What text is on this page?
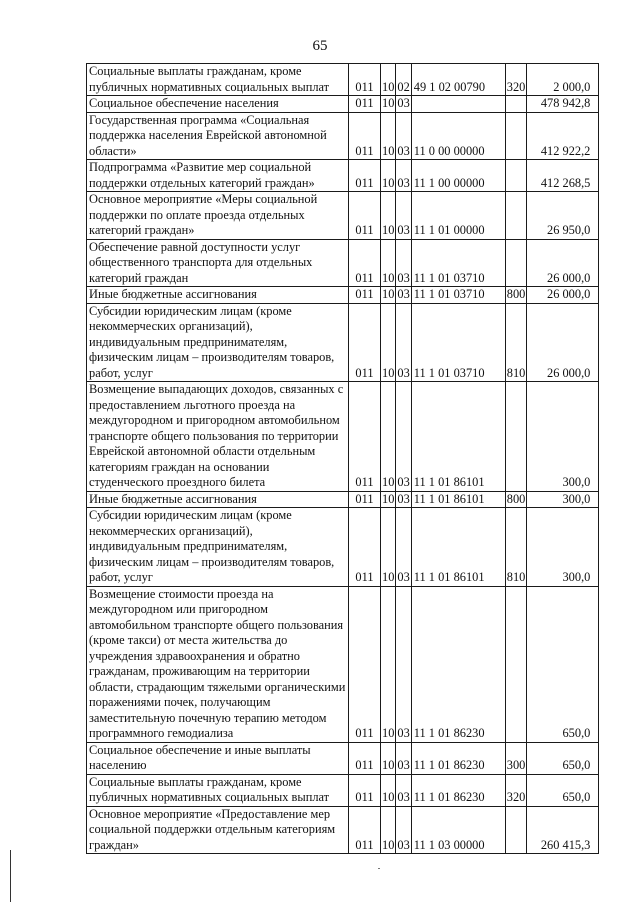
65
Социальные выплаты гражданам, кроме публичных нормативных социальных выплат	011	10	02	49 1 02 00790	320	2 000,0
Социальное обеспечение населения	011	10	03			478 942,8
Государственная программа «Социальная поддержка населения Еврейской автономной области»	011	10	03	11 0 00 00000		412 922,2
Подпрограмма «Развитие мер социальной поддержки отдельных категорий граждан»	011	10	03	11 1 00 00000		412 268,5
Основное мероприятие «Меры социальной поддержки по оплате проезда отдельных категорий граждан»	011	10	03	11 1 01 00000		26 950,0
Обеспечение равной доступности услуг общественного транспорта для отдельных категорий граждан	011	10	03	11 1 01 03710		26 000,0
Иные бюджетные ассигнования	011	10	03	11 1 01 03710	800	26 000,0
Субсидии юридическим лицам (кроме некоммерческих организаций), индивидуальным предпринимателям, физическим лицам – производителям товаров, работ, услуг	011	10	03	11 1 01 03710	810	26 000,0
Возмещение выпадающих доходов, связанных с предоставлением льготного проезда на междугородном и пригородном автомобильном транспорте общего пользования по территории Еврейской автономной области отдельным категориям граждан на основании студенческого проездного билета	011	10	03	11 1 01 86101		300,0
Иные бюджетные ассигнования	011	10	03	11 1 01 86101	800	300,0
Субсидии юридическим лицам (кроме некоммерческих организаций), индивидуальным предпринимателям, физическим лицам – производителям товаров, работ, услуг	011	10	03	11 1 01 86101	810	300,0
Возмещение стоимости проезда на междугородном или пригородном автомобильном транспорте общего пользования (кроме такси) от места жительства до учреждения здравоохранения и обратно гражданам, проживающим на территории области, страдающим тяжелыми органическими поражениями почек, получающим заместительную почечную терапию методом программного гемодиализа	011	10	03	11 1 01 86230		650,0
Социальное обеспечение и иные выплаты населению	011	10	03	11 1 01 86230	300	650,0
Социальные выплаты гражданам, кроме публичных нормативных социальных выплат	011	10	03	11 1 01 86230	320	650,0
Основное мероприятие «Предоставление мер социальной поддержки отдельным категориям граждан»	011	10	03	11 1 03 00000		260 415,3
